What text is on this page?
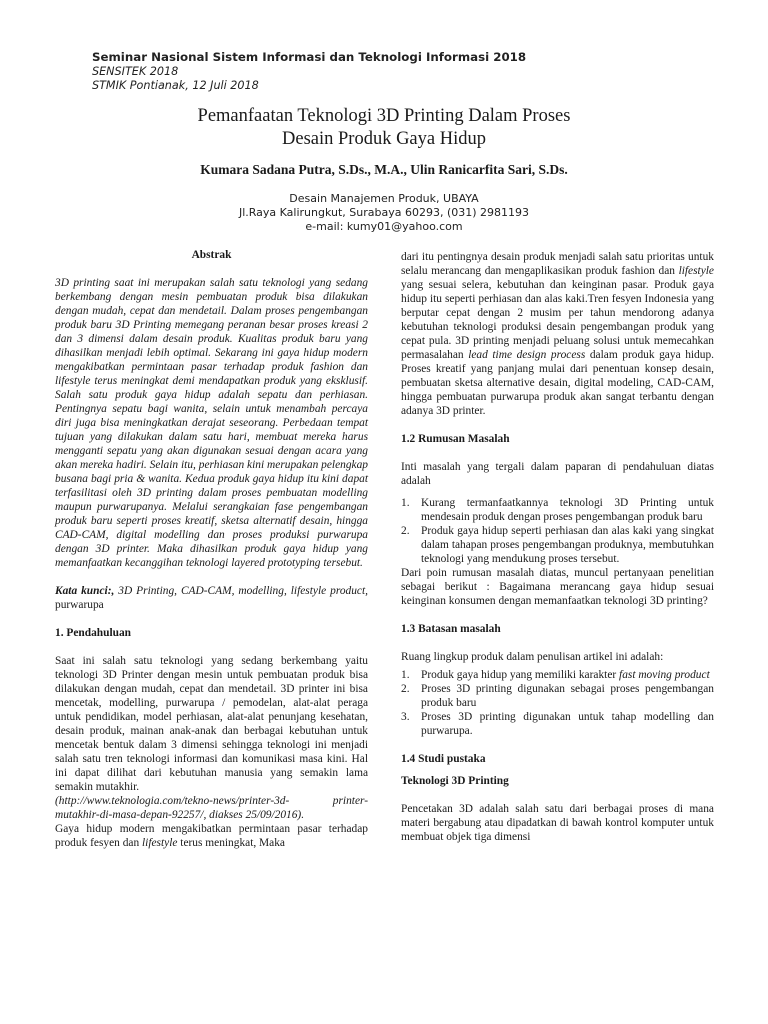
Seminar Nasional Sistem Informasi dan Teknologi Informasi 2018
SENSITEK 2018
STMIK Pontianak, 12 Juli 2018
Pemanfaatan Teknologi 3D Printing Dalam Proses
Desain Produk Gaya Hidup
Kumara Sadana Putra, S.Ds., M.A., Ulin Ranicarfita Sari, S.Ds.
Desain Manajemen Produk, UBAYA
Jl.Raya Kalirungkut, Surabaya 60293, (031) 2981193
e-mail: kumy01@yahoo.com
Abstrak

3D printing saat ini merupakan salah satu teknologi yang sedang berkembang dengan mesin pembuatan produk bisa dilakukan dengan mudah, cepat dan mendetail. Dalam proses pengembangan produk baru 3D Printing memegang peranan besar proses kreasi 2 dan 3 dimensi dalam desain produk. Kualitas produk baru yang dihasilkan menjadi lebih optimal. Sekarang ini gaya hidup modern mengakibatkan permintaan pasar terhadap produk fashion dan lifestyle terus meningkat demi mendapatkan produk yang eksklusif. Salah satu produk gaya hidup adalah sepatu dan perhiasan. Pentingnya sepatu bagi wanita, selain untuk menambah percaya diri juga bisa meningkatkan derajat seseorang. Perbedaan tempat tujuan yang dilakukan dalam satu hari, membuat mereka harus mengganti sepatu yang akan digunakan sesuai dengan acara yang akan mereka hadiri. Selain itu, perhiasan kini merupakan pelengkap busana bagi pria & wanita. Kedua produk gaya hidup itu kini dapat terfasilitasi oleh 3D printing dalam proses pembuatan modelling maupun purwarupanya. Melalui serangkaian fase pengembangan produk baru seperti proses kreatif, sketsa alternatif desain, hingga CAD-CAM, digital modelling dan proses produksi purwarupa dengan 3D printer. Maka dihasilkan produk gaya hidup yang memanfaatkan kecanggihan teknologi layered prototyping tersebut.

Kata kunci:, 3D Printing, CAD-CAM, modelling, lifestyle product, purwarupa

1. Pendahuluan

Saat ini salah satu teknologi yang sedang berkembang yaitu teknologi 3D Printer dengan mesin untuk pembuatan produk bisa dilakukan dengan mudah, cepat dan mendetail. 3D printer ini bisa mencetak, modelling, purwarupa / pemodelan, alat-alat peraga untuk pendidikan, model perhiasan, alat-alat penunjang kesehatan, desain produk, mainan anak-anak dan berbagai kebutuhan untuk mencetak bentuk dalam 3 dimensi sehingga teknologi ini menjadi salah satu tren teknologi informasi dan komunikasi masa kini. Hal ini dapat dilihat dari kebutuhan manusia yang semakin lama semakin mutakhir.

(http://www.teknologia.com/tekno-news/printer-3d- printer-mutakhir-di-masa-depan-92257/, diakses 25/09/2016).

Gaya hidup modern mengakibatkan permintaan pasar terhadap produk fesyen dan lifestyle terus meningkat, Maka

dari itu pentingnya desain produk menjadi salah satu prioritas untuk selalu merancang dan mengaplikasikan produk fashion dan lifestyle yang sesuai selera, kebutuhan dan keinginan pasar. Produk gaya hidup itu seperti perhiasan dan alas kaki.Tren fesyen Indonesia yang berputar cepat dengan 2 musim per tahun mendorong adanya kebutuhan teknologi produksi desain pengembangan produk yang cepat pula. 3D printing menjadi peluang solusi untuk memecahkan permasalahan lead time design process dalam produk gaya hidup. Proses kreatif yang panjang mulai dari penentuan konsep desain, pembuatan sketsa alternative desain, digital modeling, CAD-CAM, hingga pembuatan purwarupa produk akan sangat terbantu dengan adanya 3D printer.

1.2 Rumusan Masalah

Inti masalah yang tergali dalam paparan di pendahuluan diatas adalah

1.	Kurang termanfaatkannya teknologi 3D Printing untuk mendesain produk dengan proses pengembangan produk baru
2.	Produk gaya hidup seperti perhiasan dan alas kaki yang singkat dalam tahapan proses pengembangan produknya, membutuhkan teknologi yang mendukung proses tersebut.

Dari poin rumusan masalah diatas, muncul pertanyaan penelitian sebagai berikut : Bagaimana merancang gaya hidup sesuai keinginan konsumen dengan memanfaatkan teknologi 3D printing?

1.3 Batasan masalah

Ruang lingkup produk dalam penulisan artikel ini adalah:

1.	Produk gaya hidup yang memiliki karakter fast moving product
2.	Proses 3D printing digunakan sebagai proses pengembangan produk baru
3.	Proses 3D printing digunakan untuk tahap modelling dan purwarupa.

1.4 Studi pustaka

Teknologi 3D Printing

Pencetakan 3D adalah salah satu dari berbagai proses di mana materi bergabung atau dipadatkan di bawah kontrol komputer untuk membuat objek tiga dimensi
